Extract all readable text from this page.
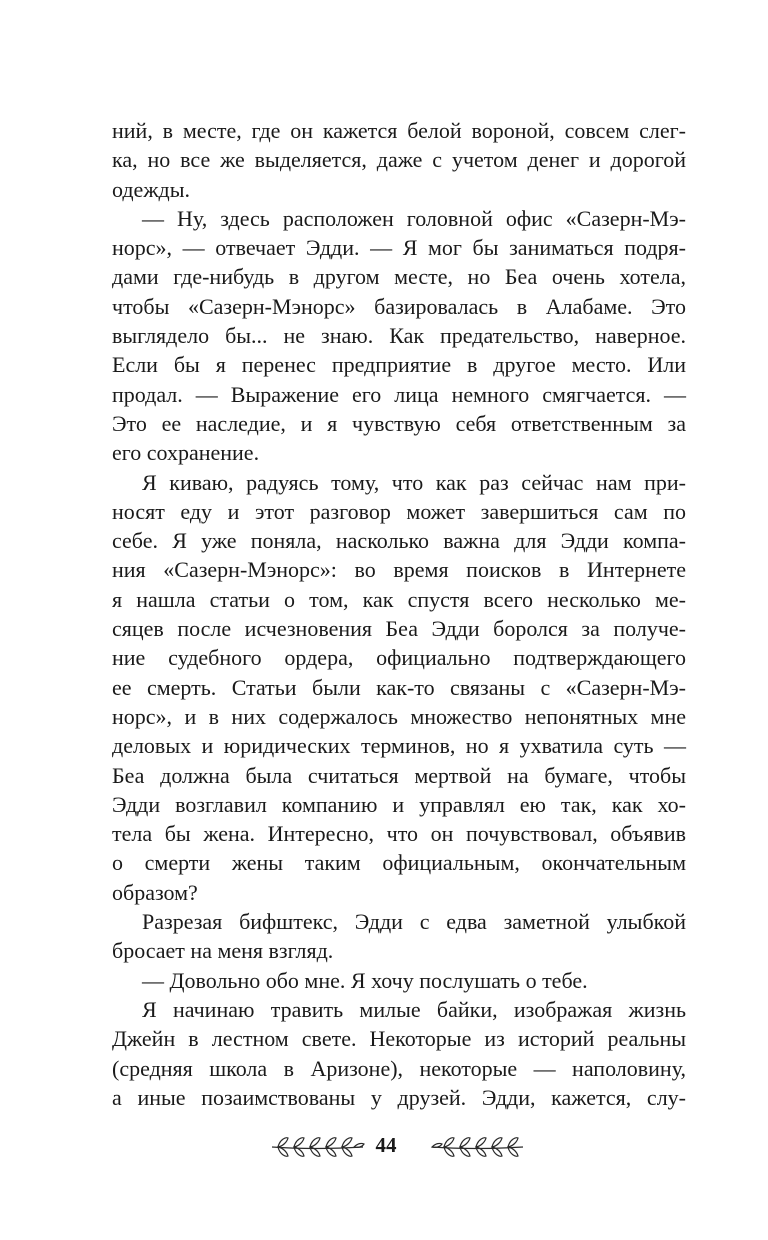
ний, в месте, где он кажется белой вороной, совсем слег-
ка, но все же выделяется, даже с учетом денег и дорогой
одежды.
— Ну, здесь расположен головной офис «Сазерн-Мэ-
норс», — отвечает Эдди. — Я мог бы заниматься подря-
дами где-нибудь в другом месте, но Беа очень хотела,
чтобы «Сазерн-Мэнорс» базировалась в Алабаме. Это
выглядело бы... не знаю. Как предательство, наверное.
Если бы я перенес предприятие в другое место. Или
продал. — Выражение его лица немного смягчается. —
Это ее наследие, и я чувствую себя ответственным за
его сохранение.
Я киваю, радуясь тому, что как раз сейчас нам при-
носят еду и этот разговор может завершиться сам по
себе. Я уже поняла, насколько важна для Эдди компа-
ния «Сазерн-Мэнорс»: во время поисков в Интернете
я нашла статьи о том, как спустя всего несколько ме-
сяцев после исчезновения Беа Эдди боролся за получе-
ние судебного ордера, официально подтверждающего
ее смерть. Статьи были как-то связаны с «Сазерн-Мэ-
норс», и в них содержалось множество непонятных мне
деловых и юридических терминов, но я ухватила суть —
Беа должна была считаться мертвой на бумаге, чтобы
Эдди возглавил компанию и управлял ею так, как хо-
тела бы жена. Интересно, что он почувствовал, объявив
о смерти жены таким официальным, окончательным
образом?
Разрезая бифштекс, Эдди с едва заметной улыбкой
бросает на меня взгляд.
— Довольно обо мне. Я хочу послушать о тебе.
Я начинаю травить милые байки, изображая жизнь
Джейн в лестном свете. Некоторые из историй реальны
(средняя школа в Аризоне), некоторые — наполовину,
а иные позаимствованы у друзей. Эдди, кажется, слу-
44
